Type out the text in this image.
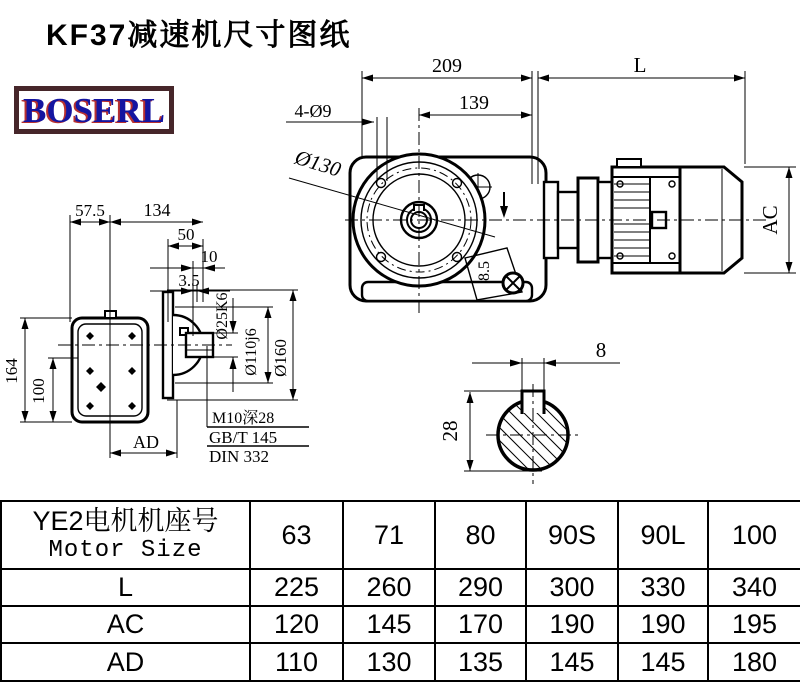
KF37减速机尺寸图纸
BOSERL
209	L
139
4-Ø9
Ø130
8.5
AC
57.5 134
50
10
3.5
Ø25K6
Ø110j6 Ø160
164
100
AD
M10深28
GB/T 145
DIN 332
8
28
YE2电机机座号
Motor Size	63	71	80	90S	90L	100
L	225	260	290	300	330	340
AC	120	145	170	190	190	195
AD	110	130	135	145	145	180
